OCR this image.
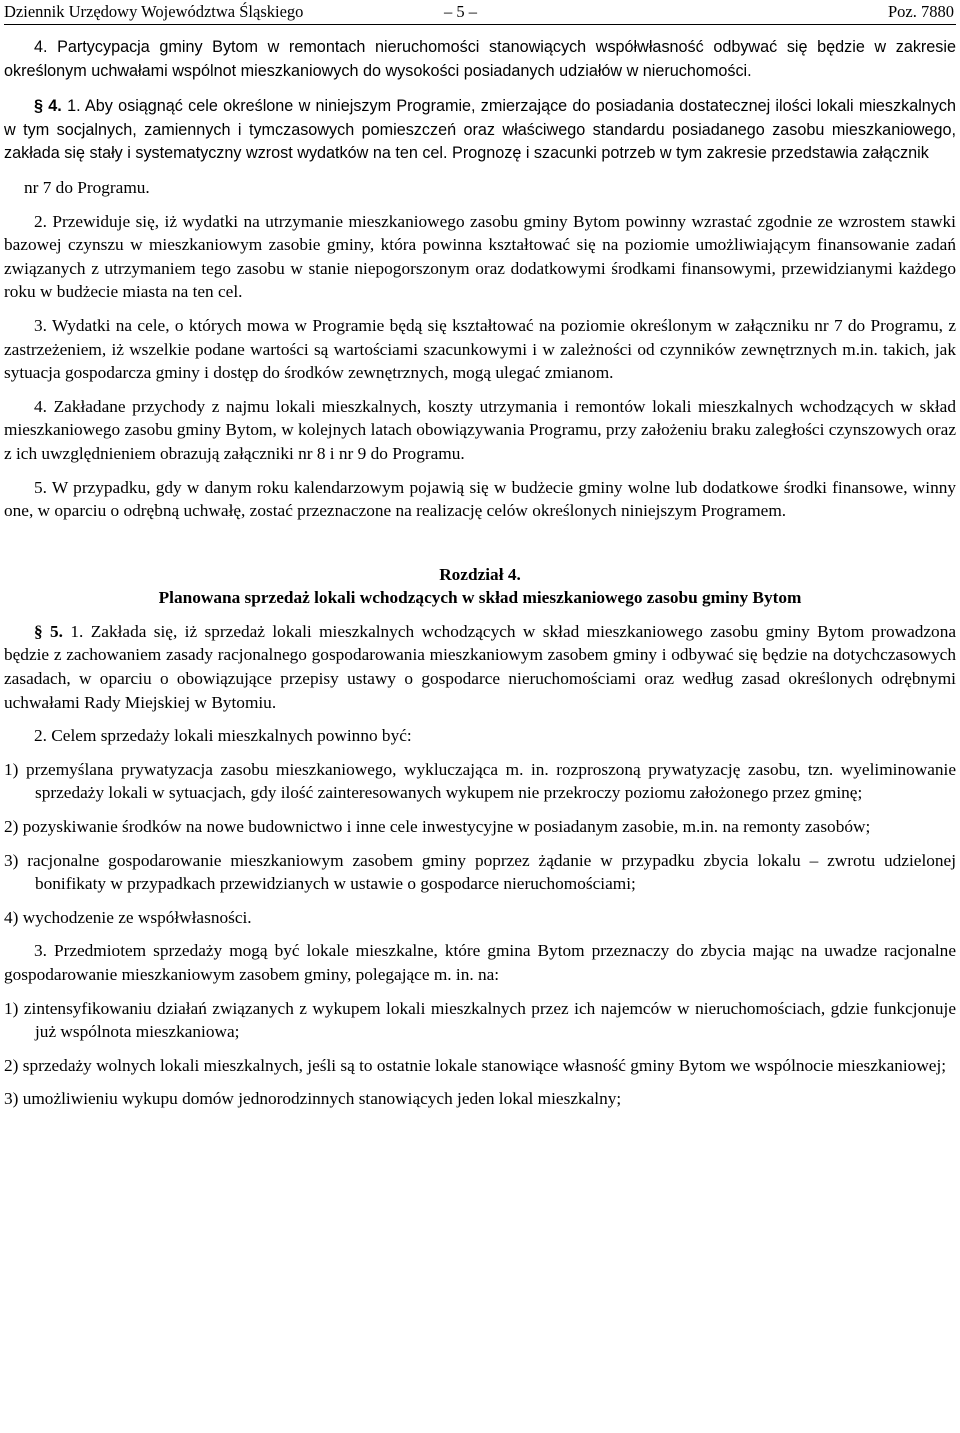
Dziennik Urzędowy Województwa Śląskiego	– 5 –	Poz. 7880

4. Partycypacja gminy Bytom w remontach nieruchomości stanowiących współwłasność odbywać się będzie w zakresie określonym uchwałami wspólnot mieszkaniowych do wysokości posiadanych udziałów w nieruchomości.

§ 4. 1. Aby osiągnąć cele określone w niniejszym Programie, zmierzające do posiadania dostatecznej ilości lokali mieszkalnych w tym socjalnych, zamiennych i tymczasowych pomieszczeń oraz właściwego standardu posiadanego zasobu mieszkaniowego, zakłada się stały i systematyczny wzrost wydatków na ten cel. Prognozę i szacunki potrzeb w tym zakresie przedstawia załącznik

nr 7 do Programu.

2. Przewiduje się, iż wydatki na utrzymanie mieszkaniowego zasobu gminy Bytom powinny wzrastać zgodnie ze wzrostem stawki bazowej czynszu w mieszkaniowym zasobie gminy, która powinna kształtować się na poziomie umożliwiającym finansowanie zadań związanych z utrzymaniem tego zasobu w stanie niepogorszonym oraz dodatkowymi środkami finansowymi, przewidzianymi każdego roku w budżecie miasta na ten cel.

3. Wydatki na cele, o których mowa w Programie będą się kształtować na poziomie określonym w załączniku nr 7 do Programu, z zastrzeżeniem, iż wszelkie podane wartości są wartościami szacunkowymi i w zależności od czynników zewnętrznych m.in. takich, jak sytuacja gospodarcza gminy i dostęp do środków zewnętrznych, mogą ulegać zmianom.

4. Zakładane przychody z najmu lokali mieszkalnych, koszty utrzymania i remontów lokali mieszkalnych wchodzących w skład mieszkaniowego zasobu gminy Bytom, w kolejnych latach obowiązywania Programu, przy założeniu braku zaległości czynszowych oraz z ich uwzględnieniem obrazują załączniki nr 8 i nr 9 do Programu.

5. W przypadku, gdy w danym roku kalendarzowym pojawią się w budżecie gminy wolne lub dodatkowe środki finansowe, winny one, w oparciu o odrębną uchwałę, zostać przeznaczone na realizację celów określonych niniejszym Programem.

Rozdział 4.

Planowana sprzedaż lokali wchodzących w skład mieszkaniowego zasobu gminy Bytom

§ 5. 1. Zakłada się, iż sprzedaż lokali mieszkalnych wchodzących w skład mieszkaniowego zasobu gminy Bytom prowadzona będzie z zachowaniem zasady racjonalnego gospodarowania mieszkaniowym zasobem gminy i odbywać się będzie na dotychczasowych zasadach, w oparciu o obowiązujące przepisy ustawy o gospodarce nieruchomościami oraz według zasad określonych odrębnymi uchwałami Rady Miejskiej w Bytomiu.

2. Celem sprzedaży lokali mieszkalnych powinno być:

1) przemyślana prywatyzacja zasobu mieszkaniowego, wykluczająca m. in. rozproszoną prywatyzację zasobu, tzn. wyeliminowanie sprzedaży lokali w sytuacjach, gdy ilość zainteresowanych wykupem nie przekroczy poziomu założonego przez gminę;

2) pozyskiwanie środków na nowe budownictwo i inne cele inwestycyjne w posiadanym zasobie, m.in. na remonty zasobów;

3) racjonalne gospodarowanie mieszkaniowym zasobem gminy poprzez żądanie w przypadku zbycia lokalu – zwrotu udzielonej bonifikaty w przypadkach przewidzianych w ustawie o gospodarce nieruchomościami;

4) wychodzenie ze współwłasności.

3. Przedmiotem sprzedaży mogą być lokale mieszkalne, które gmina Bytom przeznaczy do zbycia mając na uwadze racjonalne gospodarowanie mieszkaniowym zasobem gminy, polegające m. in. na:

1) zintensyfikowaniu działań związanych z wykupem lokali mieszkalnych przez ich najemców w nieruchomościach, gdzie funkcjonuje już wspólnota mieszkaniowa;

2) sprzedaży wolnych lokali mieszkalnych, jeśli są to ostatnie lokale stanowiące własność gminy Bytom we wspólnocie mieszkaniowej;

3) umożliwieniu wykupu domów jednorodzinnych stanowiących jeden lokal mieszkalny;
